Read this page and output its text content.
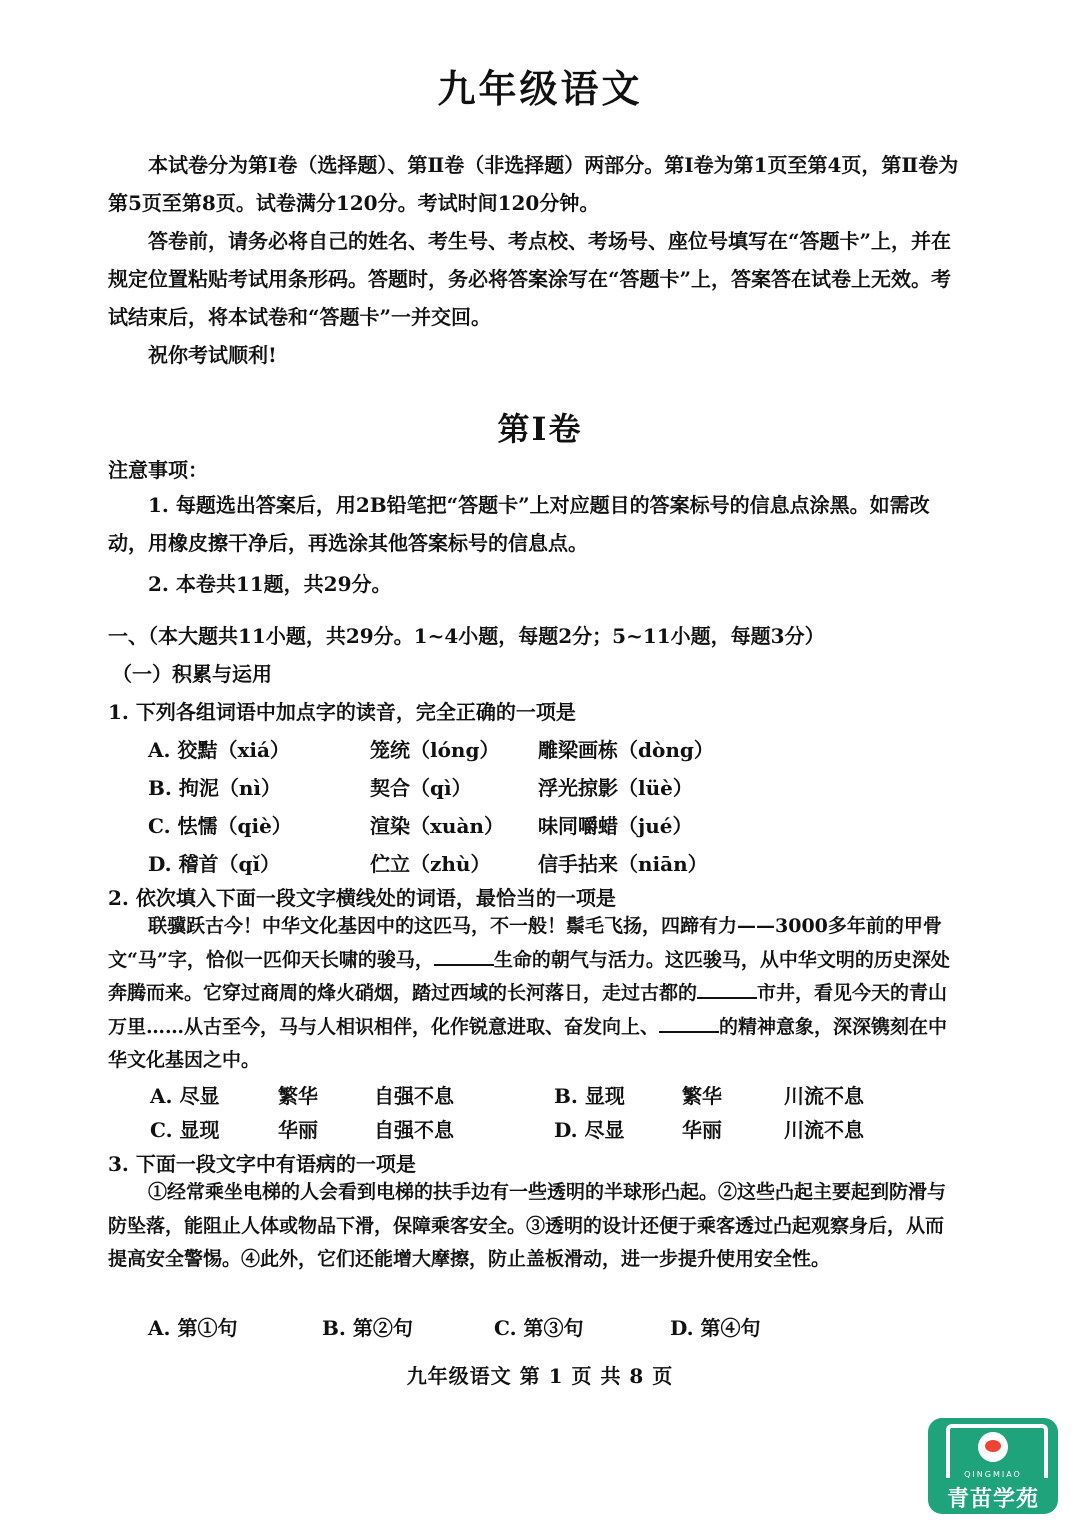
九年级语文
本试卷分为第Ⅰ卷（选择题）、第Ⅱ卷（非选择题）两部分。第Ⅰ卷为第1页至第4页，第Ⅱ卷为第5页至第8页。试卷满分120分。考试时间120分钟。
答卷前，请务必将自己的姓名、考生号、考点校、考场号、座位号填写在“答题卡”上，并在规定位置粘贴考试用条形码。答题时，务必将答案涂写在“答题卡”上，答案答在试卷上无效。考试结束后，将本试卷和“答题卡”一并交回。
祝你考试顺利!
第Ⅰ卷
注意事项：
1. 每题选出答案后，用2B铅笔把“答题卡”上对应题目的答案标号的信息点涂黑。如需改动，用橡皮擦干净后，再选涂其他答案标号的信息点。
2. 本卷共11题，共29分。
一、（本大题共11小题，共29分。1~4小题，每题2分；5~11小题，每题3分）
（一）积累与运用
1. 下列各组词语中加点字的读音，完全正确的一项是
A. 狡黠（xiá）	笼统（lóng） 雕梁画栋（dòng）
B. 拘泥（nì）	契合（qì）	浮光掠影（lüè）
C. 怯懦（qiè）	渲染（xuàn） 味同嚼蜡（jué）
D. 稽首（qǐ）	伫立（zhù） 信手拈来（niān）
2. 依次填入下面一段文字横线处的词语，最恰当的一项是
联骥跃古今！中华文化基因中的这匹马，不一般！鬃毛飞扬，四蹄有力——3000多年前的甲骨文“马”字，恰似一匹仰天长啸的骏马，	生命的朝气与活力。这匹骏马，从中华文明的历史深处奔腾而来。它穿过商周的烽火硝烟，踏过西域的长河落日，走过古都的	市井，看见今天的青山万里……从古至今，马与人相识相伴，化作锐意进取、奋发向上、	的精神意象，深深镌刻在中华文化基因之中。
A. 尽显	繁华	自强不息	B. 显现	繁华	川流不息
C. 显现	华丽	自强不息	D. 尽显	华丽	川流不息
3. 下面一段文字中有语病的一项是
①经常乘坐电梯的人会看到电梯的扶手边有一些透明的半球形凸起。②这些凸起主要起到防滑与防坠落，能阻止人体或物品下滑，保障乘客安全。③透明的设计还便于乘客透过凸起观察身后，从而提高安全警惕。④此外，它们还能增大摩擦，防止盖板滑动，进一步提升使用安全性。
A. 第①句	B. 第②句	C. 第③句	D. 第④句
九年级语文 第 1 页 共 8 页
QINGMIAO
青苗学苑
